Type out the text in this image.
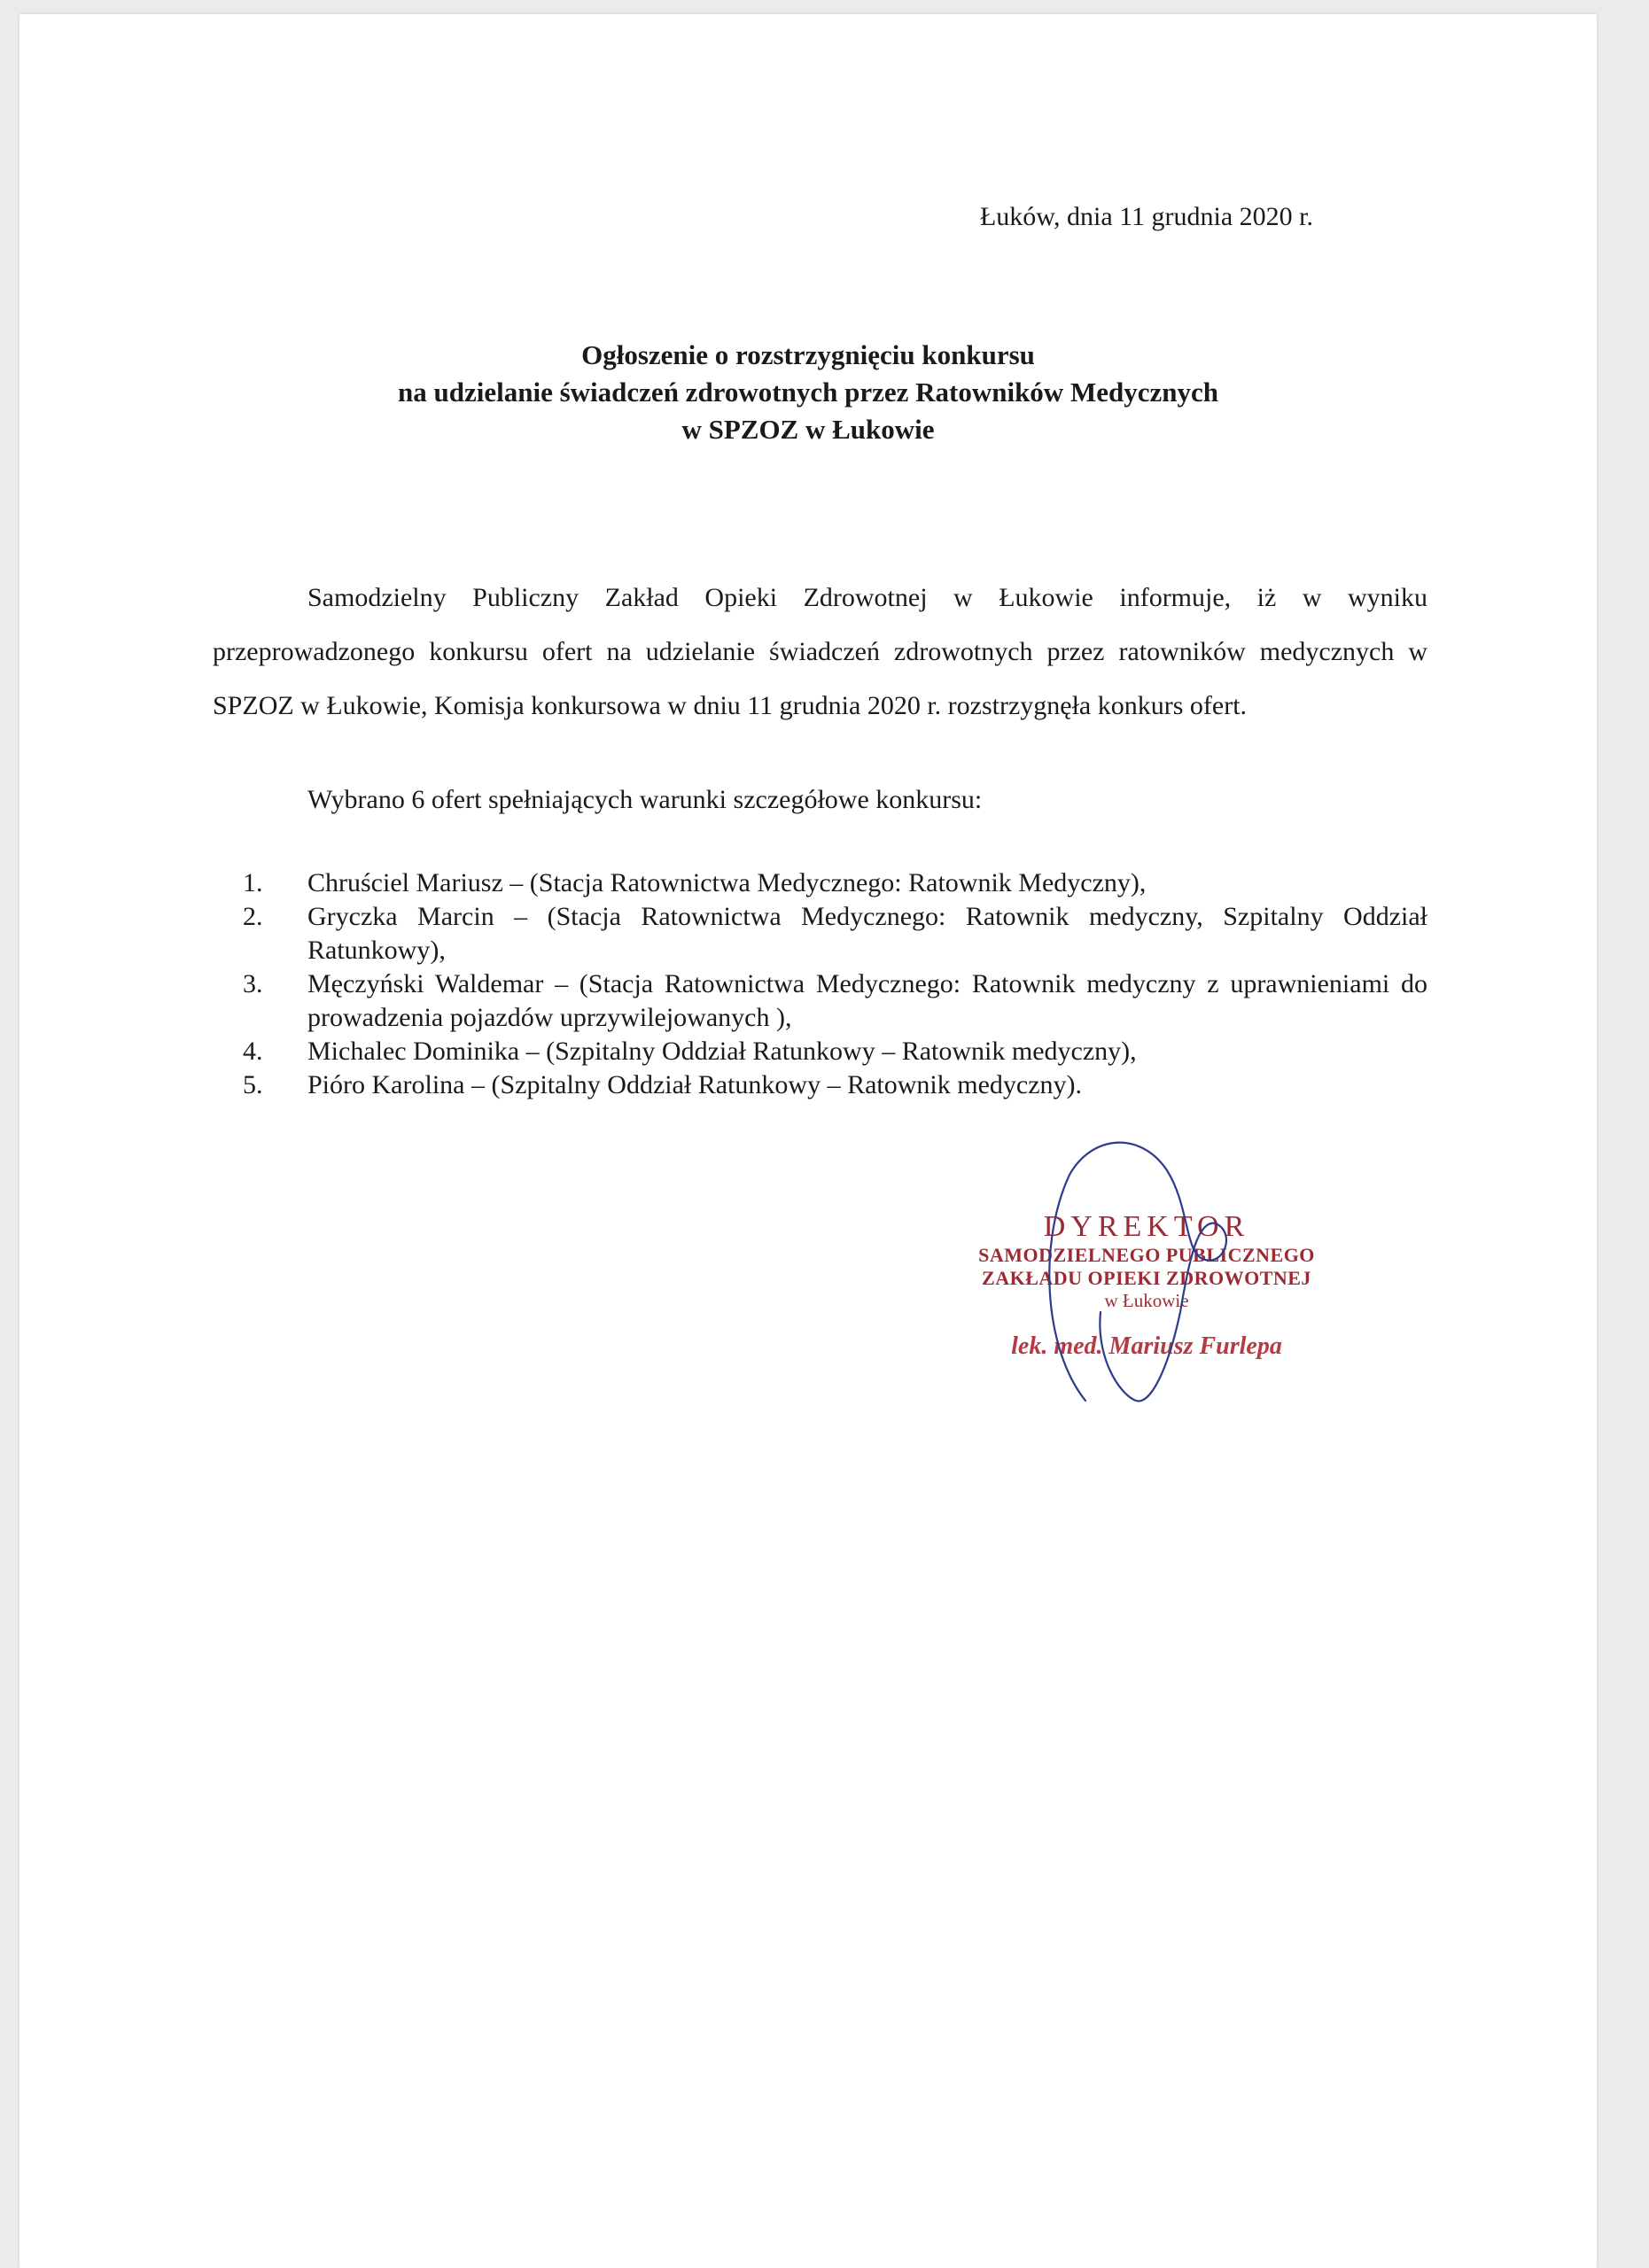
Łuków, dnia 11 grudnia 2020 r.
Ogłoszenie o rozstrzygnięciu konkursu
na udzielanie świadczeń zdrowotnych przez Ratowników Medycznych
w SPZOZ w Łukowie

Samodzielny Publiczny Zakład Opieki Zdrowotnej w Łukowie informuje, iż w wyniku przeprowadzonego konkursu ofert na udzielanie świadczeń zdrowotnych przez ratowników medycznych w SPZOZ w Łukowie, Komisja konkursowa w dniu 11 grudnia 2020 r. rozstrzygnęła konkurs ofert.

Wybrano 6 ofert spełniających warunki szczegółowe konkursu:
1.	Chruściel Mariusz – (Stacja Ratownictwa Medycznego: Ratownik Medyczny),
2.	Gryczka Marcin – (Stacja Ratownictwa Medycznego: Ratownik medyczny, Szpitalny Oddział Ratunkowy),
3.	Męczyński Waldemar – (Stacja Ratownictwa Medycznego: Ratownik medyczny z uprawnieniami do prowadzenia pojazdów uprzywilejowanych ),
4.	Michalec Dominika – (Szpitalny Oddział Ratunkowy – Ratownik medyczny),
5.	Pióro Karolina – (Szpitalny Oddział Ratunkowy – Ratownik medyczny).
DYREKTOR
SAMODZIELNEGO PUBLICZNEGO
ZAKŁADU OPIEKI ZDROWOTNEJ
w Łukowie
lek. med. Mariusz Furlepa
